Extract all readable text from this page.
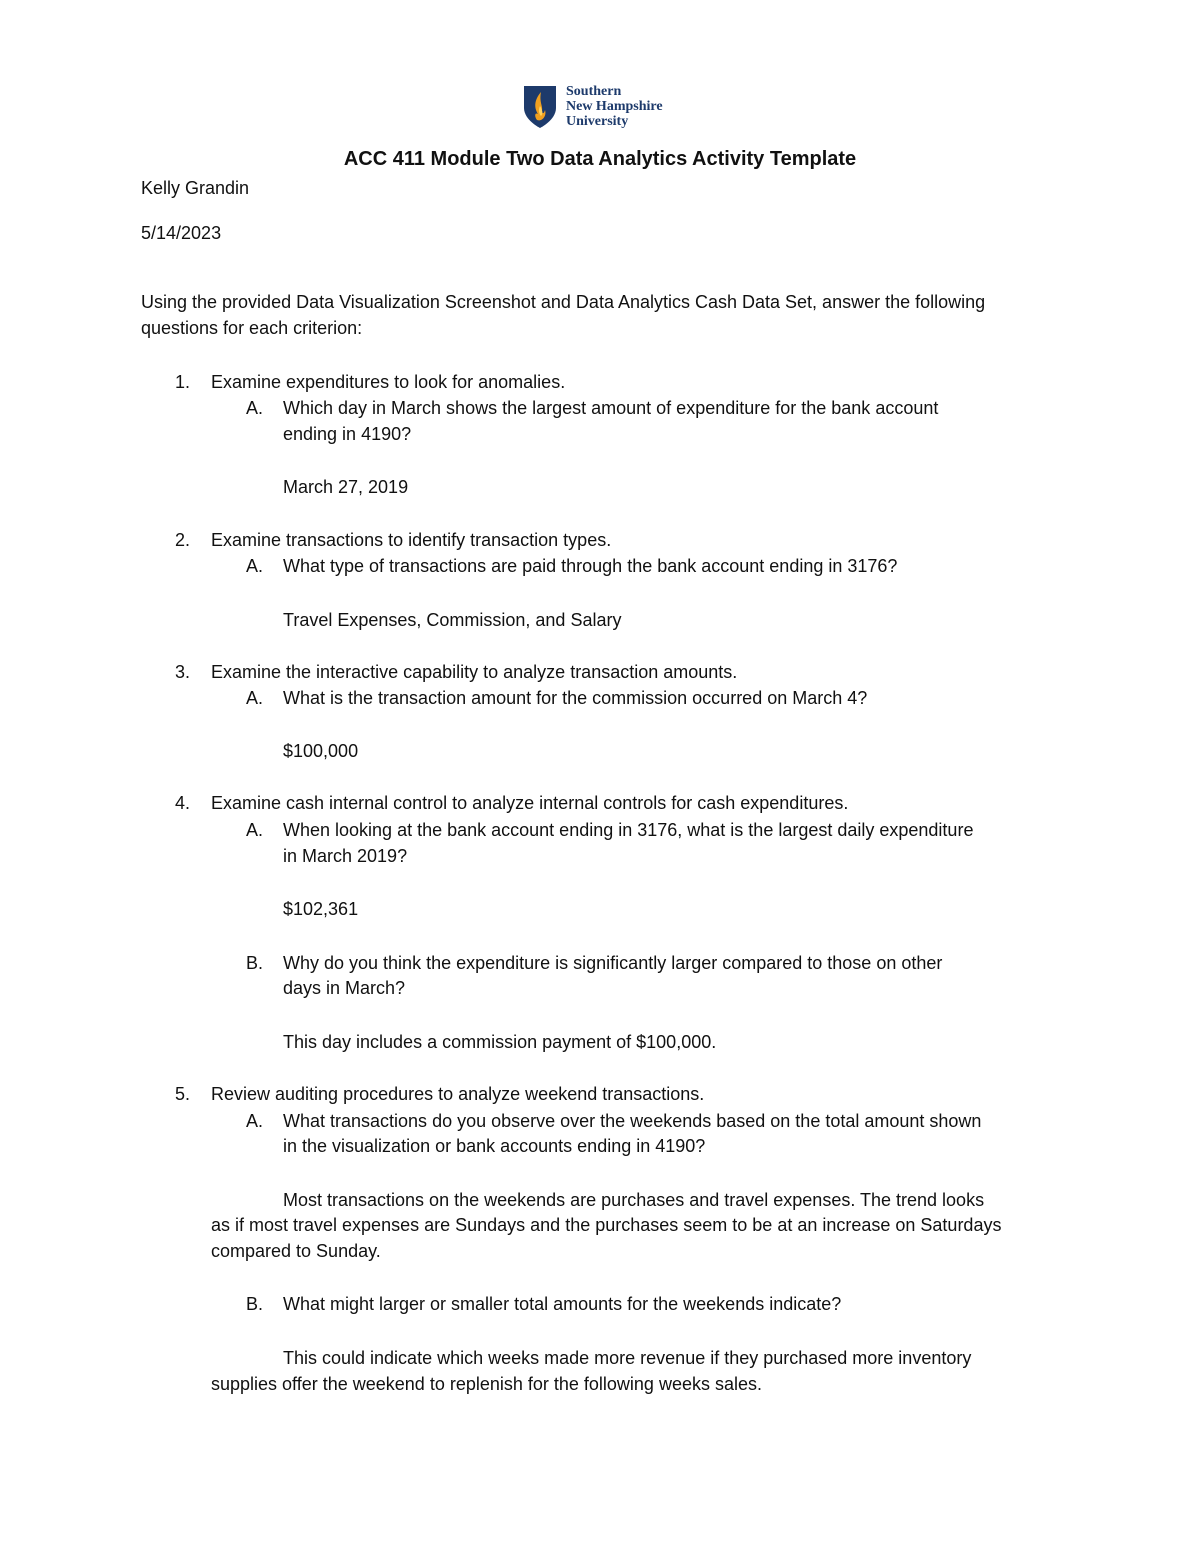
Southern
New Hampshire
University
ACC 411 Module Two Data Analytics Activity Template
Kelly Grandin
5/14/2023
Using the provided Data Visualization Screenshot and Data Analytics Cash Data Set, answer the following
questions for each criterion:
1. Examine expenditures to look for anomalies.
A. Which day in March shows the largest amount of expenditure for the bank account
ending in 4190?
March 27, 2019
2. Examine transactions to identify transaction types.
A. What type of transactions are paid through the bank account ending in 3176?
Travel Expenses, Commission, and Salary
3. Examine the interactive capability to analyze transaction amounts.
A. What is the transaction amount for the commission occurred on March 4?
$100,000
4. Examine cash internal control to analyze internal controls for cash expenditures.
A. When looking at the bank account ending in 3176, what is the largest daily expenditure
in March 2019?
$102,361
B. Why do you think the expenditure is significantly larger compared to those on other
days in March?
This day includes a commission payment of $100,000.
5. Review auditing procedures to analyze weekend transactions.
A. What transactions do you observe over the weekends based on the total amount shown
in the visualization or bank accounts ending in 4190?
Most transactions on the weekends are purchases and travel expenses. The trend looks
as if most travel expenses are Sundays and the purchases seem to be at an increase on Saturdays
compared to Sunday.
B. What might larger or smaller total amounts for the weekends indicate?
This could indicate which weeks made more revenue if they purchased more inventory
supplies offer the weekend to replenish for the following weeks sales.
